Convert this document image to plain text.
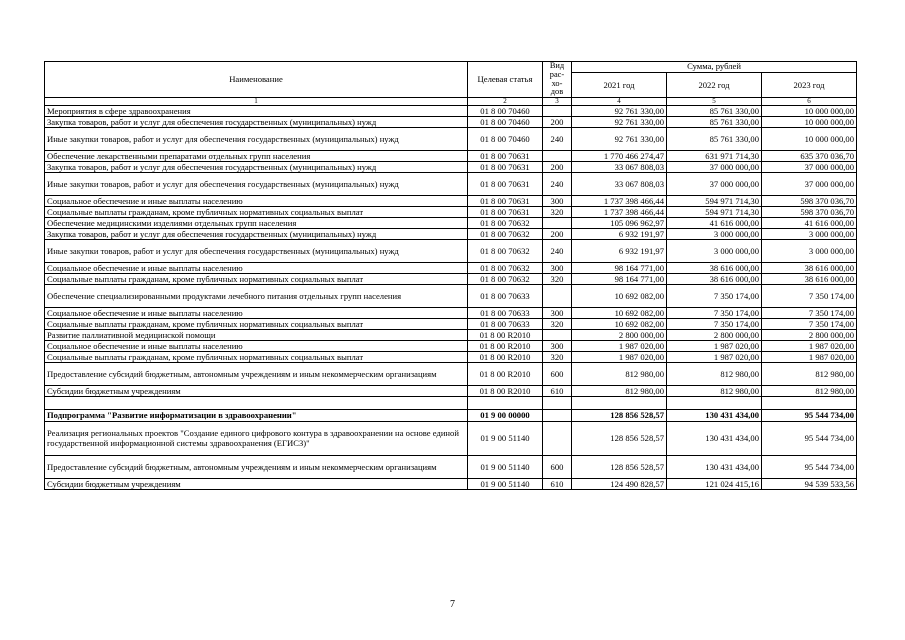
Наименование	Целевая статья	Вид рас- хо- дов	Сумма, рублей		
			2021 год	2022 год	2023 год
1	2	3	4	5	6
Мероприятия в сфере здравоохранения	01 8 00 70460		92 761 330,00	85 761 330,00	10 000 000,00
Закупка товаров, работ и услуг для обеспечения государственных (муниципальных) нужд	01 8 00 70460	200	92 761 330,00	85 761 330,00	10 000 000,00
Иные закупки товаров, работ и услуг для обеспечения государственных (муниципальных) нужд	01 8 00 70460	240	92 761 330,00	85 761 330,00	10 000 000,00
Обеспечение лекарственными препаратами отдельных групп населения	01 8 00 70631		1 770 466 274,47	631 971 714,30	635 370 036,70
Закупка товаров, работ и услуг для обеспечения государственных (муниципальных) нужд	01 8 00 70631	200	33 067 808,03	37 000 000,00	37 000 000,00
Иные закупки товаров, работ и услуг для обеспечения государственных (муниципальных) нужд	01 8 00 70631	240	33 067 808,03	37 000 000,00	37 000 000,00
Социальное обеспечение и иные выплаты населению	01 8 00 70631	300	1 737 398 466,44	594 971 714,30	598 370 036,70
Социальные выплаты гражданам, кроме публичных нормативных социальных выплат	01 8 00 70631	320	1 737 398 466,44	594 971 714,30	598 370 036,70
Обеспечение медицинскими изделиями отдельных групп населения	01 8 00 70632		105 096 962,97	41 616 000,00	41 616 000,00
Закупка товаров, работ и услуг для обеспечения государственных (муниципальных) нужд	01 8 00 70632	200	6 932 191,97	3 000 000,00	3 000 000,00
Иные закупки товаров, работ и услуг для обеспечения государственных (муниципальных) нужд	01 8 00 70632	240	6 932 191,97	3 000 000,00	3 000 000,00
Социальное обеспечение и иные выплаты населению	01 8 00 70632	300	98 164 771,00	38 616 000,00	38 616 000,00
Социальные выплаты гражданам, кроме публичных нормативных социальных выплат	01 8 00 70632	320	98 164 771,00	38 616 000,00	38 616 000,00
Обеспечение специализированными продуктами лечебного питания отдельных групп населения	01 8 00 70633		10 692 082,00	7 350 174,00	7 350 174,00
Социальное обеспечение и иные выплаты населению	01 8 00 70633	300	10 692 082,00	7 350 174,00	7 350 174,00
Социальные выплаты гражданам, кроме публичных нормативных социальных выплат	01 8 00 70633	320	10 692 082,00	7 350 174,00	7 350 174,00
Развитие паллиативной медицинской помощи	01 8 00 R2010		2 800 000,00	2 800 000,00	2 800 000,00
Социальное обеспечение и иные выплаты населению	01 8 00 R2010	300	1 987 020,00	1 987 020,00	1 987 020,00
Социальные выплаты гражданам, кроме публичных нормативных социальных выплат	01 8 00 R2010	320	1 987 020,00	1 987 020,00	1 987 020,00
Предоставление субсидий бюджетным, автономным учреждениям и иным некоммерческим организациям	01 8 00 R2010	600	812 980,00	812 980,00	812 980,00
Субсидии бюджетным учреждениям	01 8 00 R2010	610	812 980,00	812 980,00	812 980,00

Подпрограмма "Развитие информатизации в здравоохранении"	01 9 00 00000		128 856 528,57	130 431 434,00	95 544 734,00
Реализация региональных проектов "Создание единого цифрового контура в здравоохранении на основе единой государственной информационной системы здравоохранения (ЕГИСЗ)"	01 9 00 51140		128 856 528,57	130 431 434,00	95 544 734,00
Предоставление субсидий бюджетным, автономным учреждениям и иным некоммерческим организациям	01 9 00 51140	600	128 856 528,57	130 431 434,00	95 544 734,00
Субсидии бюджетным учреждениям	01 9 00 51140	610	124 490 828,57	121 024 415,16	94 539 533,56
7
